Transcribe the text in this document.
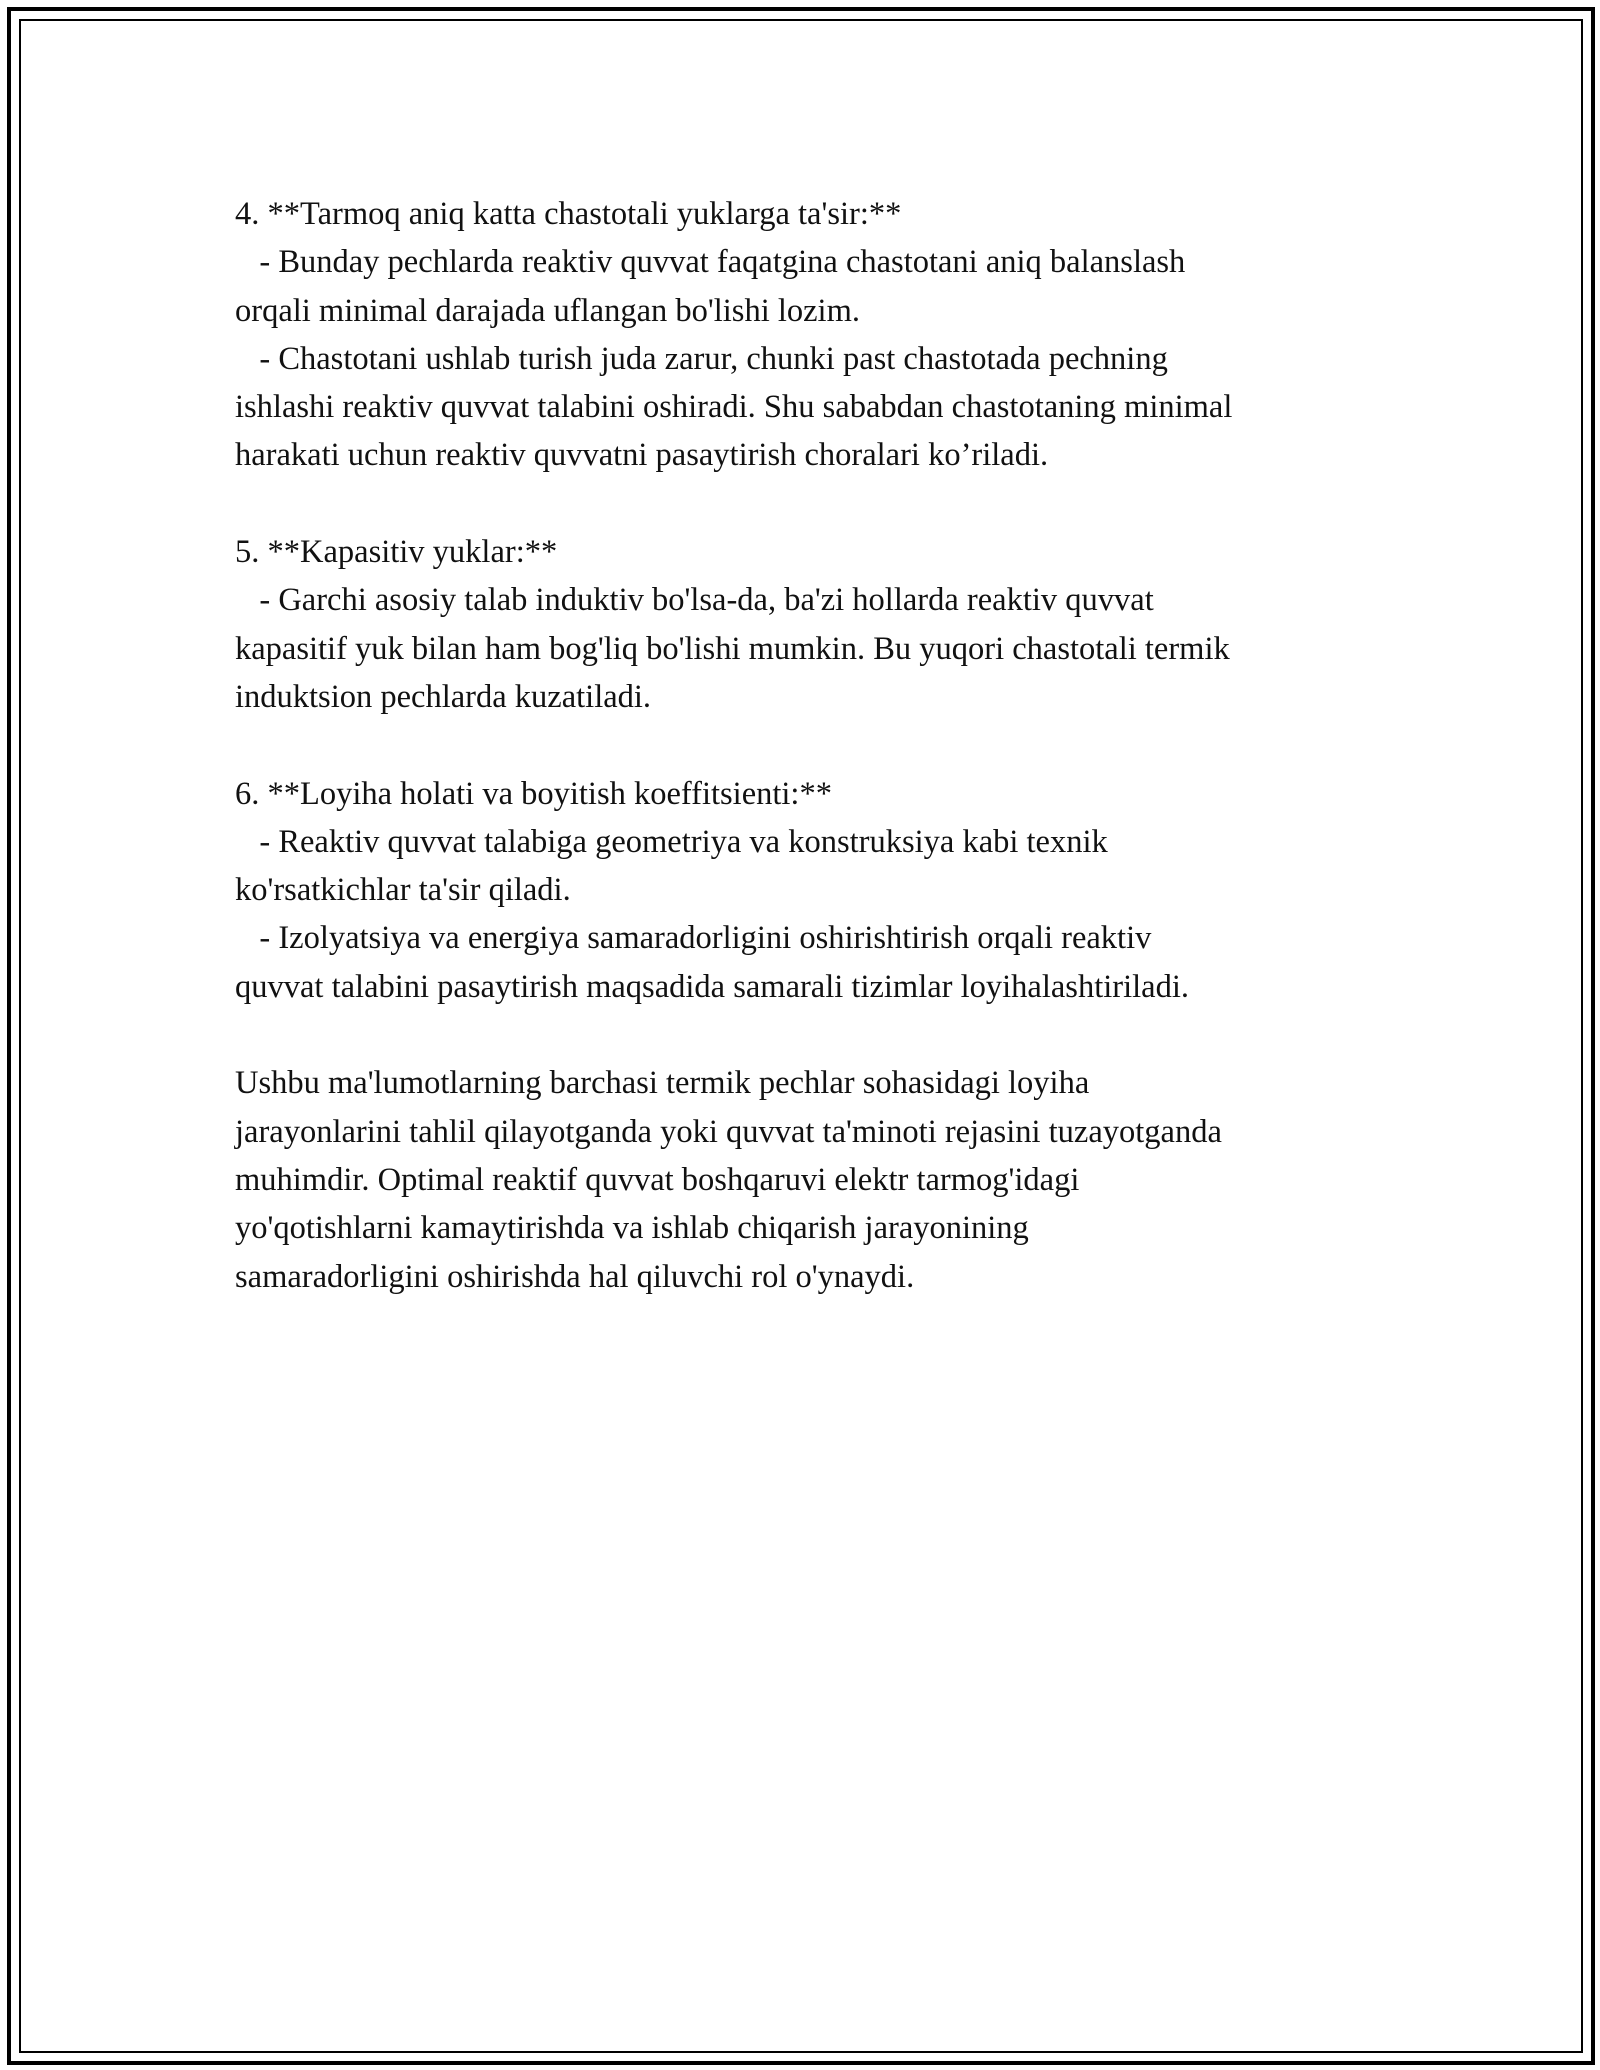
4. **Tarmoq aniq katta chastotali yuklarga ta'sir:**
- Bunday pechlarda reaktiv quvvat faqatgina chastotani aniq balanslash
orqali minimal darajada uflangan bo'lishi lozim.
- Chastotani ushlab turish juda zarur, chunki past chastotada pechning
ishlashi reaktiv quvvat talabini oshiradi. Shu sababdan chastotaning minimal
harakati uchun reaktiv quvvatni pasaytirish choralari ko’riladi.
5. **Kapasitiv yuklar:**
- Garchi asosiy talab induktiv bo'lsa-da, ba'zi hollarda reaktiv quvvat
kapasitif yuk bilan ham bog'liq bo'lishi mumkin. Bu yuqori chastotali termik
induktsion pechlarda kuzatiladi.
6. **Loyiha holati va boyitish koeffitsienti:**
- Reaktiv quvvat talabiga geometriya va konstruksiya kabi texnik
ko'rsatkichlar ta'sir qiladi.
- Izolyatsiya va energiya samaradorligini oshirishtirish orqali reaktiv
quvvat talabini pasaytirish maqsadida samarali tizimlar loyihalashtiriladi.
Ushbu ma'lumotlarning barchasi termik pechlar sohasidagi loyiha
jarayonlarini tahlil qilayotganda yoki quvvat ta'minoti rejasini tuzayotganda
muhimdir. Optimal reaktif quvvat boshqaruvi elektr tarmog'idagi
yo'qotishlarni kamaytirishda va ishlab chiqarish jarayonining
samaradorligini oshirishda hal qiluvchi rol o'ynaydi.
